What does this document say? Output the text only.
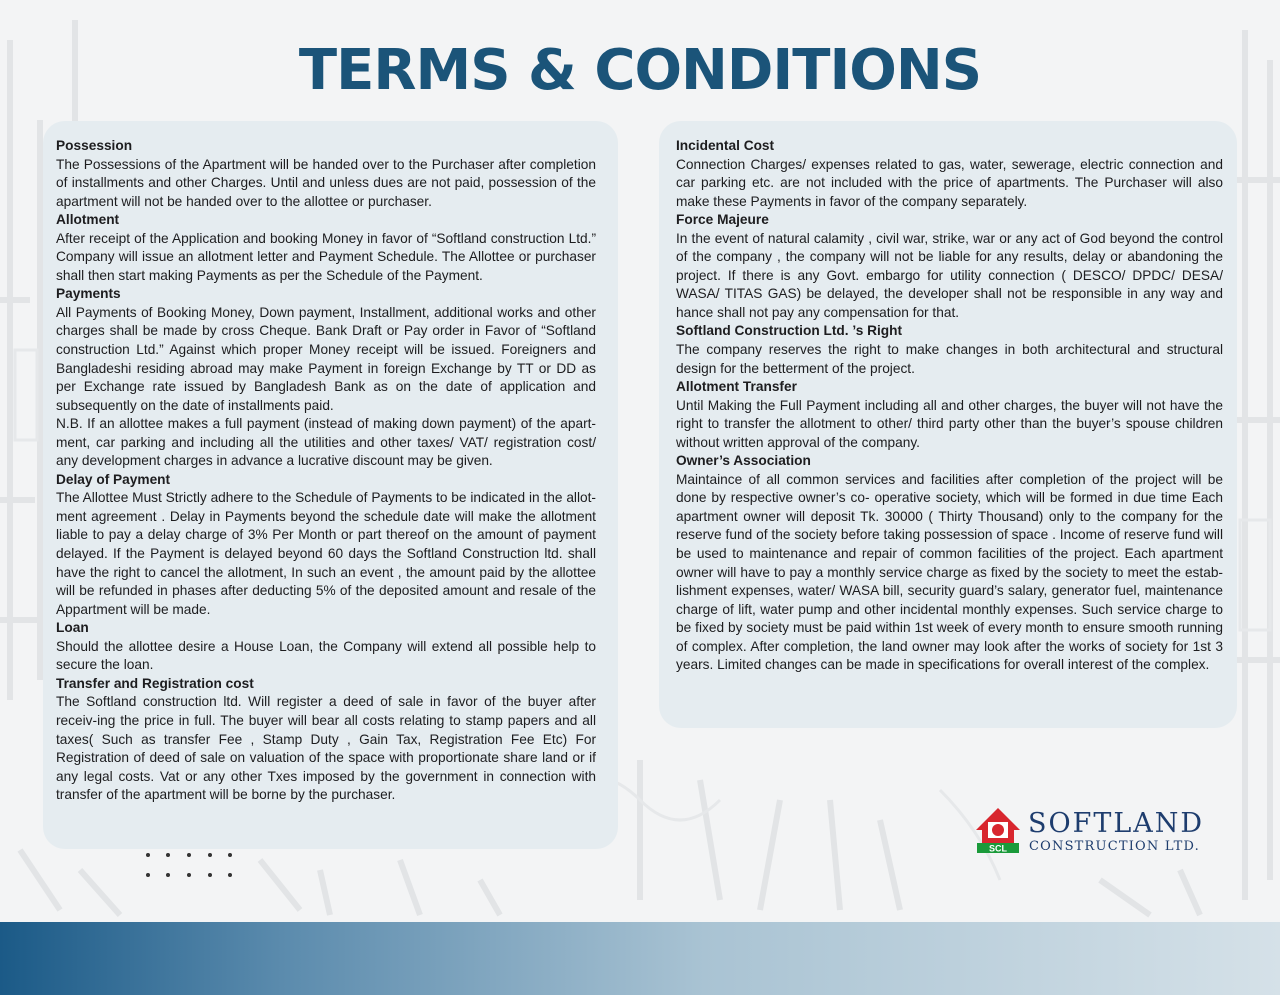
TERMS & CONDITIONS
Possession

The Possessions of the Apartment will be handed over to the Purchaser after completion of installments and other Charges. Until and unless dues are not paid, possession of the apartment will not be handed over to the allottee or purchaser.

Allotment

After receipt of the Application and booking Money in favor of “Softland construction Ltd.” Company will issue an allotment letter and Payment Schedule. The Allottee or purchaser shall then start making Payments as per the Schedule of the Payment.

Payments

All Payments of Booking Money, Down payment, Installment, additional works and other charges shall be made by cross Cheque. Bank Draft or Pay order in Favor of “Softland construction Ltd.” Against which proper Money receipt will be issued. Foreigners and Bangladeshi residing abroad may make Payment in foreign Exchange by TT or DD as per Exchange rate issued by Bangladesh Bank as on the date of application and subsequently on the date of installments paid.

N.B. If an allottee makes a full payment (instead of making down payment) of the apart-ment, car parking and including all the utilities and other taxes/ VAT/ registration cost/ any development charges in advance a lucrative discount may be given.

Delay of Payment

The Allottee Must Strictly adhere to the Schedule of Payments to be indicated in the allot-ment agreement . Delay in Payments beyond the schedule date will make the allotment liable to pay a delay charge of 3% Per Month or part thereof on the amount of payment delayed. If the Payment is delayed beyond 60 days the Softland Construction ltd. shall have the right to cancel the allotment, In such an event , the amount paid by the allottee will be refunded in phases after deducting 5% of the deposited amount and resale of the Appartment will be made.

Loan

Should the allottee desire a House Loan, the Company will extend all possible help to secure the loan.

Transfer and Registration cost

The Softland construction ltd. Will register a deed of sale in favor of the buyer after receiv-ing the price in full. The buyer will bear all costs relating to stamp papers and all taxes( Such as transfer Fee , Stamp Duty , Gain Tax, Registration Fee Etc) For Registration of deed of sale on valuation of the space with proportionate share land or if any legal costs. Vat or any other Txes imposed by the government in connection with transfer of the apartment will be borne by the purchaser.

Incidental Cost

Connection Charges/ expenses related to gas, water, sewerage, electric connection and car parking etc. are not included with the price of apartments. The Purchaser will also make these Payments in favor of the company separately.

Force Majeure

In the event of natural calamity , civil war, strike, war or any act of God beyond the control of the company , the company will not be liable for any results, delay or abandoning the project. If there is any Govt. embargo for utility connection ( DESCO/ DPDC/ DESA/ WASA/ TITAS GAS) be delayed, the developer shall not be responsible in any way and hance shall not pay any compensation for that.

Softland Construction Ltd. ’s Right

The company reserves the right to make changes in both architectural and structural design for the betterment of the project.

Allotment Transfer

Until Making the Full Payment including all and other charges, the buyer will not have the right to transfer the allotment to other/ third party other than the buyer’s spouse children without written approval of the company.

Owner’s Association

Maintaince of all common services and facilities after completion of the project will be done by respective owner’s co- operative society, which will be formed in due time Each apartment owner will deposit Tk. 30000 ( Thirty Thousand) only to the company for the reserve fund of the society before taking possession of space . Income of reserve fund will be used to maintenance and repair of common facilities of the project. Each apartment owner will have to pay a monthly service charge as fixed by the society to meet the estab-lishment expenses, water/ WASA bill, security guard’s salary, generator fuel, maintenance charge of lift, water pump and other incidental monthly expenses. Such service charge to be fixed by society must be paid within 1st week of every month to ensure smooth running of complex. After completion, the land owner may look after the works of society for 1st 3 years. Limited changes can be made in specifications for overall interest of the complex.

SCL
SOFTLAND
CONSTRUCTION LTD.
